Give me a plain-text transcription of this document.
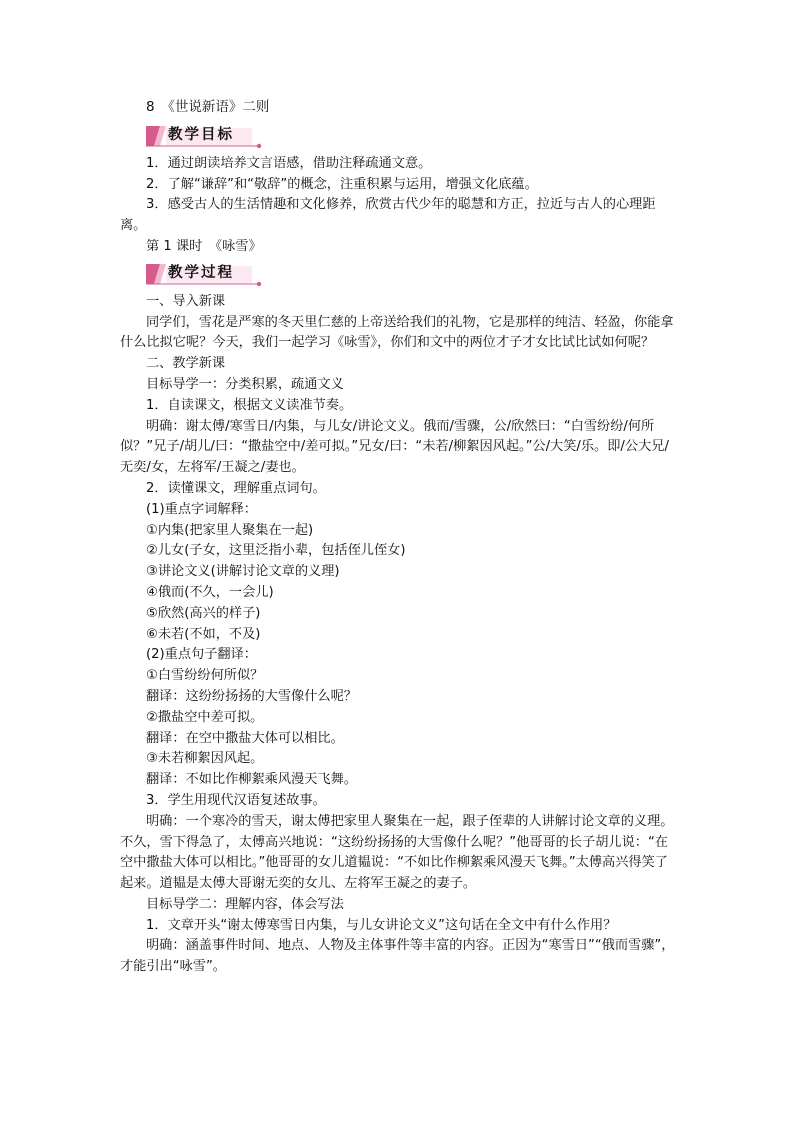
8　《世说新语》二则

教学目标

1．通过朗读培养文言语感，借助注释疏通文意。

2．了解“谦辞”和“敬辞”的概念，注重积累与运用，增强文化底蕴。

3．感受古人的生活情趣和文化修养，欣赏古代少年的聪慧和方正，拉近与古人的心理距离。

第 1 课时　《咏雪》

教学过程

一、导入新课

同学们，雪花是严寒的冬天里仁慈的上帝送给我们的礼物，它是那样的纯洁、轻盈，你能拿什么比拟它呢？今天，我们一起学习《咏雪》，你们和文中的两位才子才女比试比试如何呢？

二、教学新课

目标导学一：分类积累，疏通文义

1．自读课文，根据文义读准节奏。

明确：谢太傅/寒雪日/内集，与儿女/讲论文义。俄而/雪骤，公/欣然曰：“白雪纷纷/何所似？”兄子/胡儿/曰：“撒盐空中/差可拟。”兄女/曰：“未若/柳絮因风起。”公/大笑/乐。即/公大兄/无奕/女，左将军/王凝之/妻也。

2．读懂课文，理解重点词句。

(1)重点字词解释：

①内集(把家里人聚集在一起)

②儿女(子女，这里泛指小辈，包括侄儿侄女)

③讲论文义(讲解讨论文章的义理)

④俄而(不久，一会儿)

⑤欣然(高兴的样子)

⑥未若(不如，不及)

(2)重点句子翻译：

①白雪纷纷何所似？

翻译：这纷纷扬扬的大雪像什么呢？

②撒盐空中差可拟。

翻译：在空中撒盐大体可以相比。

③未若柳絮因风起。

翻译：不如比作柳絮乘风漫天飞舞。

3．学生用现代汉语复述故事。

明确：一个寒冷的雪天，谢太傅把家里人聚集在一起，跟子侄辈的人讲解讨论文章的义理。不久，雪下得急了，太傅高兴地说：“这纷纷扬扬的大雪像什么呢？”他哥哥的长子胡儿说：“在空中撒盐大体可以相比。”他哥哥的女儿道韫说：“不如比作柳絮乘风漫天飞舞。”太傅高兴得笑了起来。道韫是太傅大哥谢无奕的女儿、左将军王凝之的妻子。

目标导学二：理解内容，体会写法

1．文章开头“谢太傅寒雪日内集，与儿女讲论文义”这句话在全文中有什么作用？

明确：涵盖事件时间、地点、人物及主体事件等丰富的内容。正因为“寒雪日”“俄而雪骤”，才能引出“咏雪”。
